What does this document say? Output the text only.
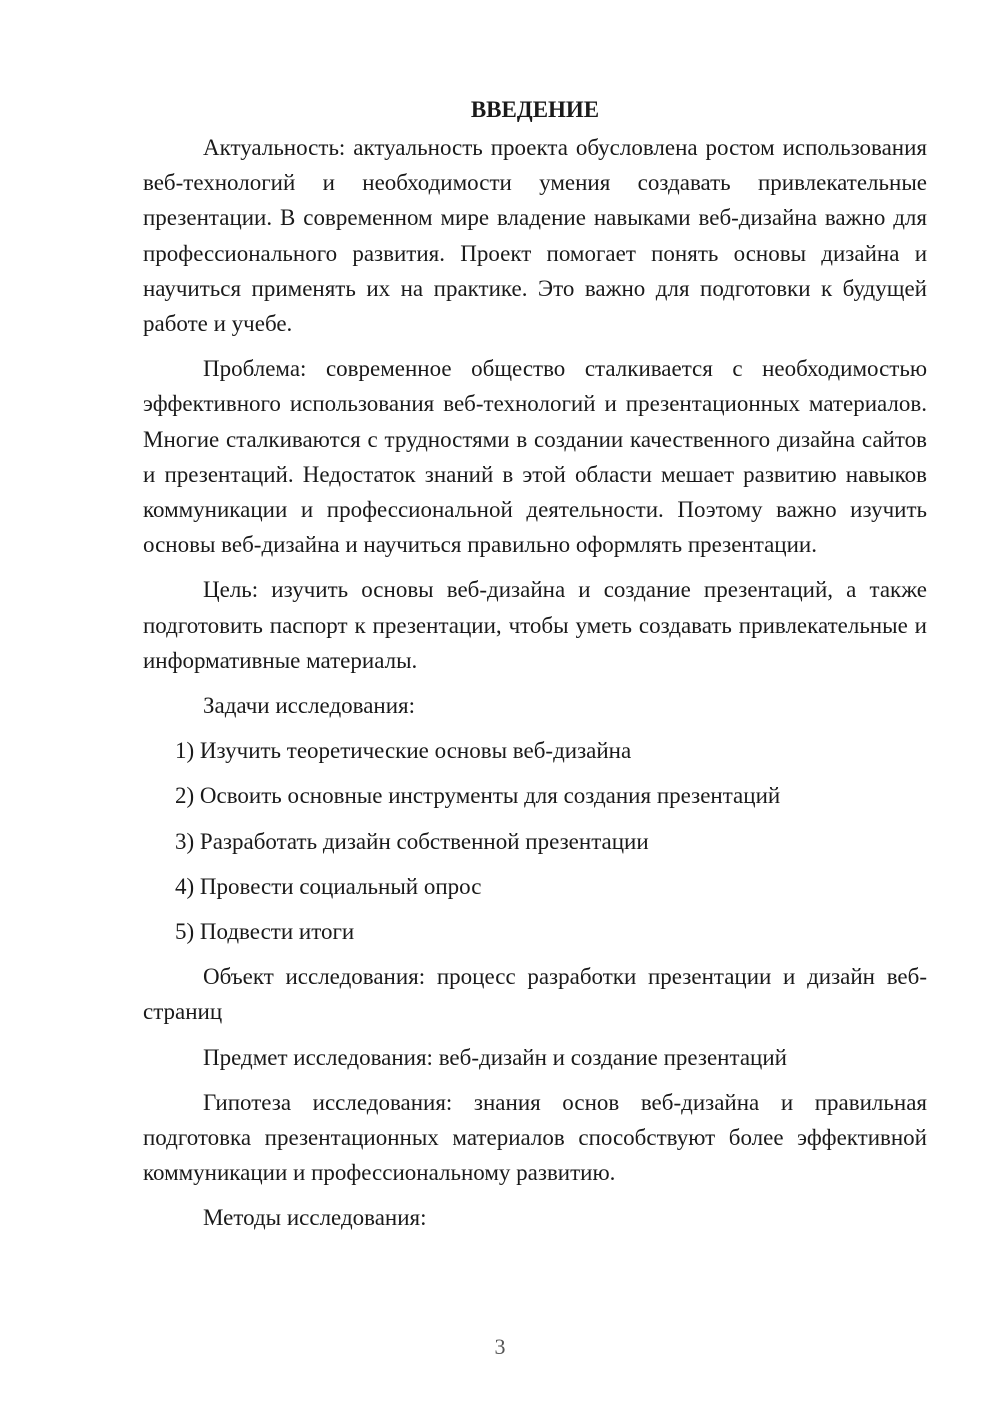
ВВЕДЕНИЕ

Актуальность: актуальность проекта обусловлена ростом использования веб-технологий и необходимости умения создавать привлекательные презентации. В современном мире владение навыками веб-дизайна важно для профессионального развития. Проект помогает понять основы дизайна и научиться применять их на практике. Это важно для подготовки к будущей работе и учебе.

Проблема: современное общество сталкивается с необходимостью эффективного использования веб-технологий и презентационных материалов. Многие сталкиваются с трудностями в создании качественного дизайна сайтов и презентаций. Недостаток знаний в этой области мешает развитию навыков коммуникации и профессиональной деятельности. Поэтому важно изучить основы веб-дизайна и научиться правильно оформлять презентации.

Цель: изучить основы веб-дизайна и создание презентаций, а также подготовить паспорт к презентации, чтобы уметь создавать привлекательные и информативные материалы.

Задачи исследования:

1) Изучить теоретические основы веб-дизайна
2) Освоить основные инструменты для создания презентаций
3) Разработать дизайн собственной презентации
4) Провести социальный опрос
5) Подвести итоги

Объект исследования: процесс разработки презентации и дизайн веб-страниц

Предмет исследования: веб-дизайн и создание презентаций

Гипотеза исследования: знания основ веб-дизайна и правильная подготовка презентационных материалов способствуют более эффективной коммуникации и профессиональному развитию.

Методы исследования:

3
